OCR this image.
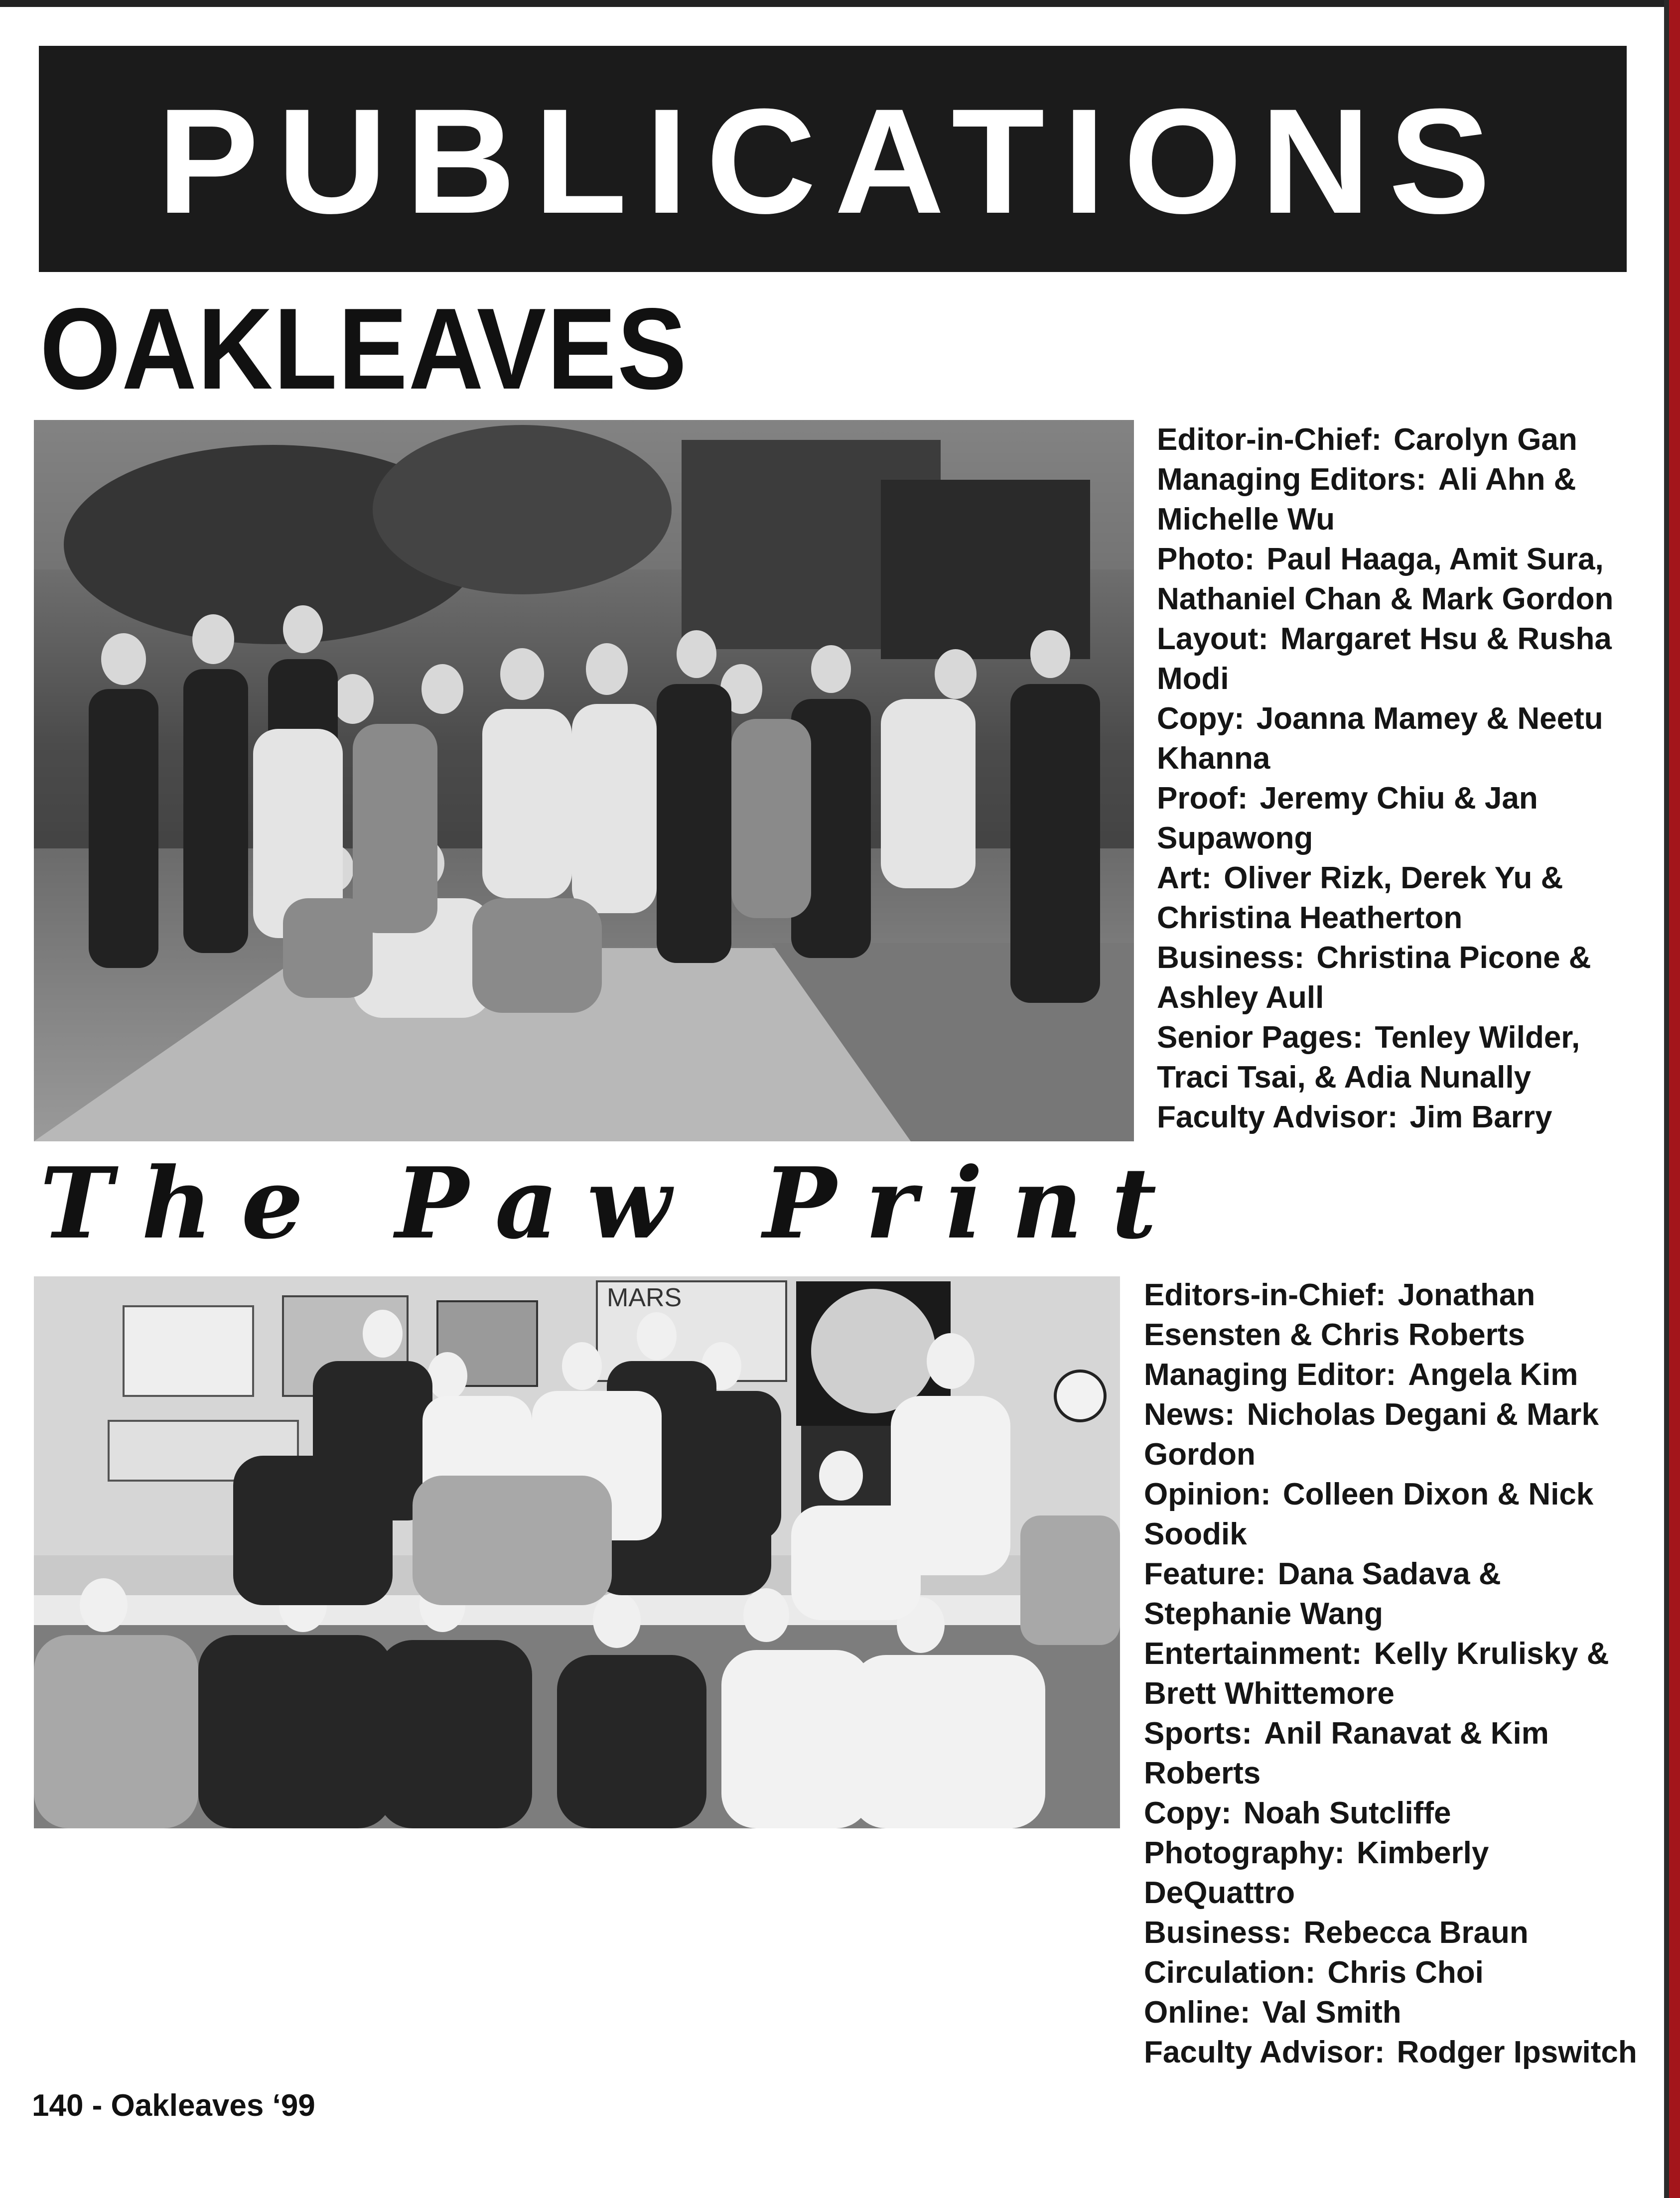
PUBLICATIONS
OAKLEAVES
Editor-in-Chief: Carolyn Gan
Managing Editors: Ali Ahn & Michelle Wu
Photo: Paul Haaga, Amit Sura, Nathaniel Chan & Mark Gordon
Layout: Margaret Hsu & Rusha Modi
Copy: Joanna Mamey & Neetu Khanna
Proof: Jeremy Chiu & Jan Supawong
Art: Oliver Rizk, Derek Yu & Christina Heatherton
Business: Christina Picone & Ashley Aull
Senior Pages: Tenley Wilder, Traci Tsai, & Adia Nunally
Faculty Advisor: Jim Barry
The Paw Print
MARS	Editors-in-Chief: Jonathan Esensten & Chris Roberts
Managing Editor: Angela Kim
News: Nicholas Degani & Mark Gordon
Opinion: Colleen Dixon & Nick Soodik
Feature: Dana Sadava & Stephanie Wang
Entertainment: Kelly Krulisky & Brett Whittemore
Sports: Anil Ranavat & Kim Roberts
Copy: Noah Sutcliffe
Photography: Kimberly DeQuattro
Business: Rebecca Braun
Circulation: Chris Choi
Online: Val Smith
Faculty Advisor: Rodger Ipswitch
140 - Oakleaves ‘99
